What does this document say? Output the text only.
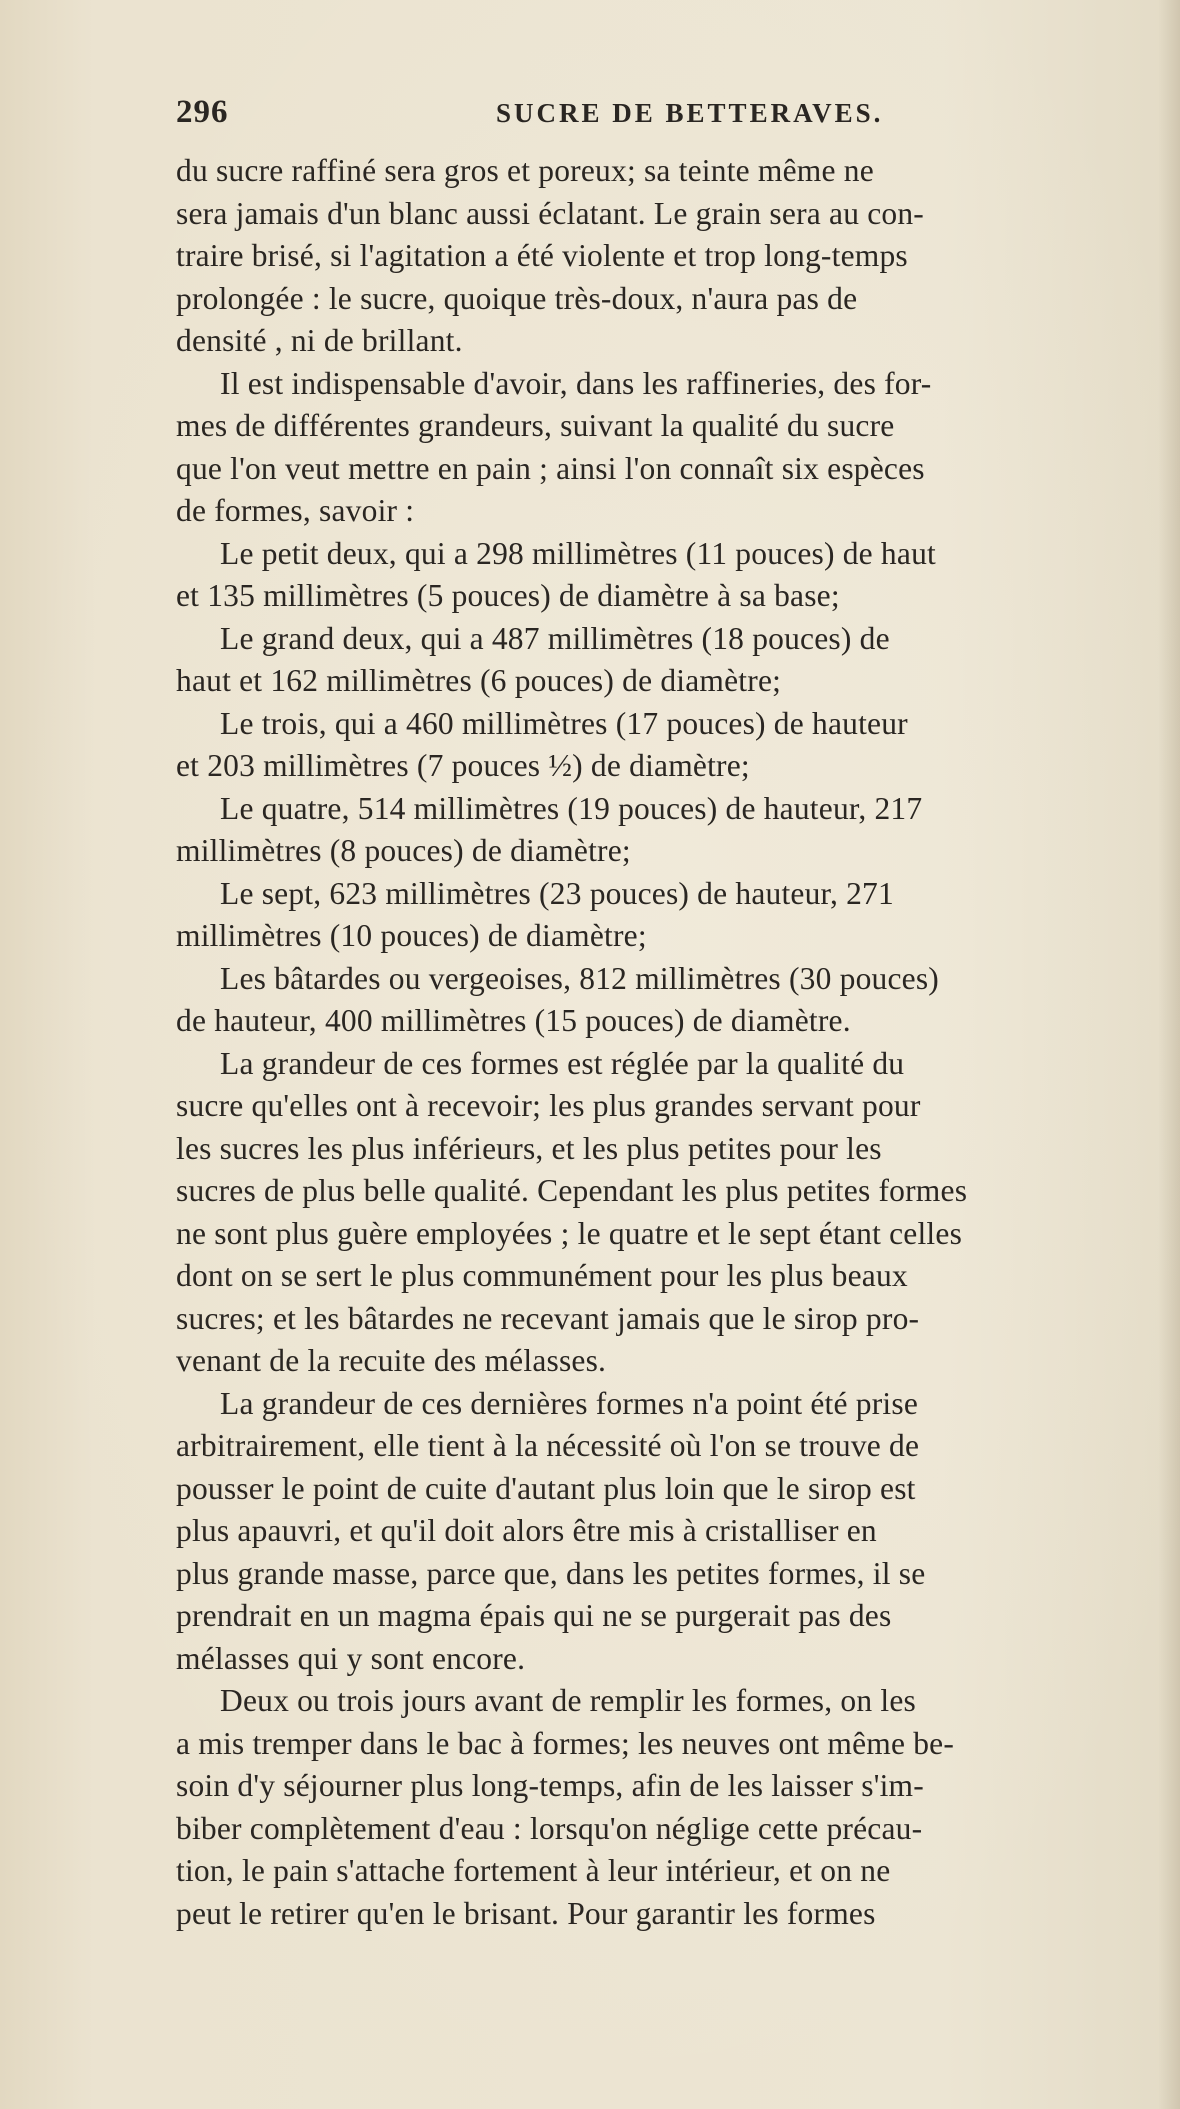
296	SUCRE DE BETTERAVES.

du sucre raffiné sera gros et poreux; sa teinte même ne
sera jamais d'un blanc aussi éclatant. Le grain sera au con-
traire brisé, si l'agitation a été violente et trop long-temps
prolongée : le sucre, quoique très-doux, n'aura pas de
densité , ni de brillant.

Il est indispensable d'avoir, dans les raffineries, des for-
mes de différentes grandeurs, suivant la qualité du sucre
que l'on veut mettre en pain ; ainsi l'on connaît six espèces
de formes, savoir :

Le petit deux, qui a 298 millimètres (11 pouces) de haut
et 135 millimètres (5 pouces) de diamètre à sa base;

Le grand deux, qui a 487 millimètres (18 pouces) de
haut et 162 millimètres (6 pouces) de diamètre;

Le trois, qui a 460 millimètres (17 pouces) de hauteur
et 203 millimètres (7 pouces ½) de diamètre;

Le quatre, 514 millimètres (19 pouces) de hauteur, 217
millimètres (8 pouces) de diamètre;

Le sept, 623 millimètres (23 pouces) de hauteur, 271
millimètres (10 pouces) de diamètre;

Les bâtardes ou vergeoises, 812 millimètres (30 pouces)
de hauteur, 400 millimètres (15 pouces) de diamètre.

La grandeur de ces formes est réglée par la qualité du
sucre qu'elles ont à recevoir; les plus grandes servant pour
les sucres les plus inférieurs, et les plus petites pour les
sucres de plus belle qualité. Cependant les plus petites formes
ne sont plus guère employées ; le quatre et le sept étant celles
dont on se sert le plus communément pour les plus beaux
sucres; et les bâtardes ne recevant jamais que le sirop pro-
venant de la recuite des mélasses.

La grandeur de ces dernières formes n'a point été prise
arbitrairement, elle tient à la nécessité où l'on se trouve de
pousser le point de cuite d'autant plus loin que le sirop est
plus apauvri, et qu'il doit alors être mis à cristalliser en
plus grande masse, parce que, dans les petites formes, il se
prendrait en un magma épais qui ne se purgerait pas des
mélasses qui y sont encore.

Deux ou trois jours avant de remplir les formes, on les
a mis tremper dans le bac à formes; les neuves ont même be-
soin d'y séjourner plus long-temps, afin de les laisser s'im-
biber complètement d'eau : lorsqu'on néglige cette précau-
tion, le pain s'attache fortement à leur intérieur, et on ne
peut le retirer qu'en le brisant. Pour garantir les formes
